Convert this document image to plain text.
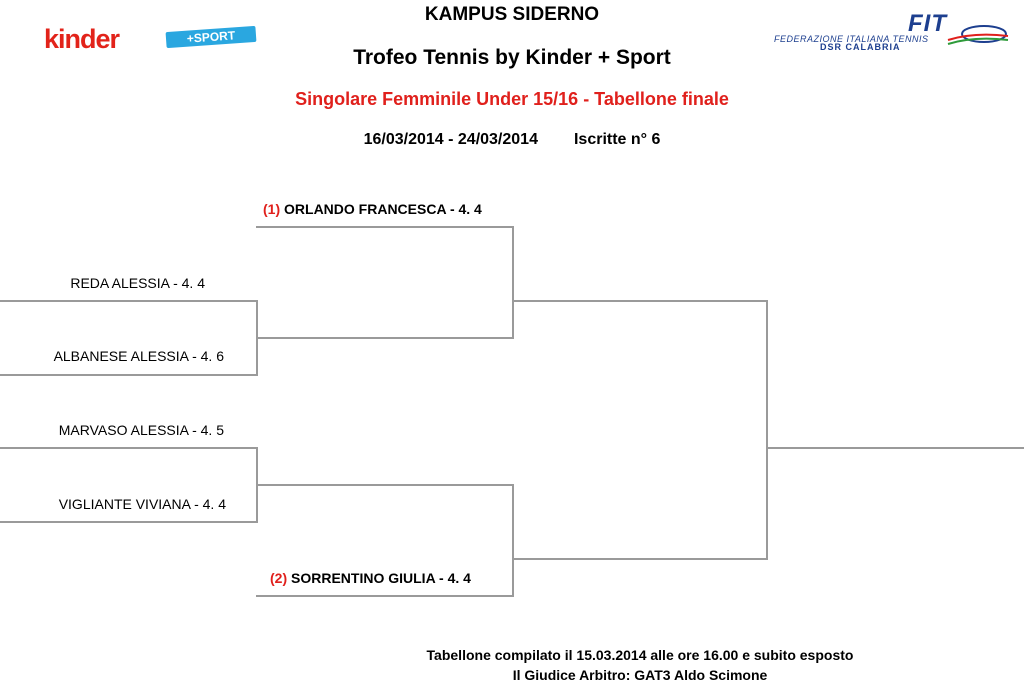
kinder	+SPORT
FIT
FEDERAZIONE ITALIANA TENNIS
DSR CALABRIA
KAMPUS SIDERNO
Trofeo Tennis by Kinder + Sport
Singolare Femminile Under 15/16 - Tabellone finale
16/03/2014 - 24/03/2014 Iscritte n° 6
REDA ALESSIA - 4. 4
ALBANESE ALESSIA - 4. 6
MARVASO ALESSIA - 4. 5
VIGLIANTE VIVIANA - 4. 4
(1) ORLANDO FRANCESCA - 4. 4
(2) SORRENTINO GIULIA - 4. 4
Tabellone compilato il 15.03.2014 alle ore 16.00 e subito esposto
Il Giudice Arbitro: GAT3 Aldo Scimone
